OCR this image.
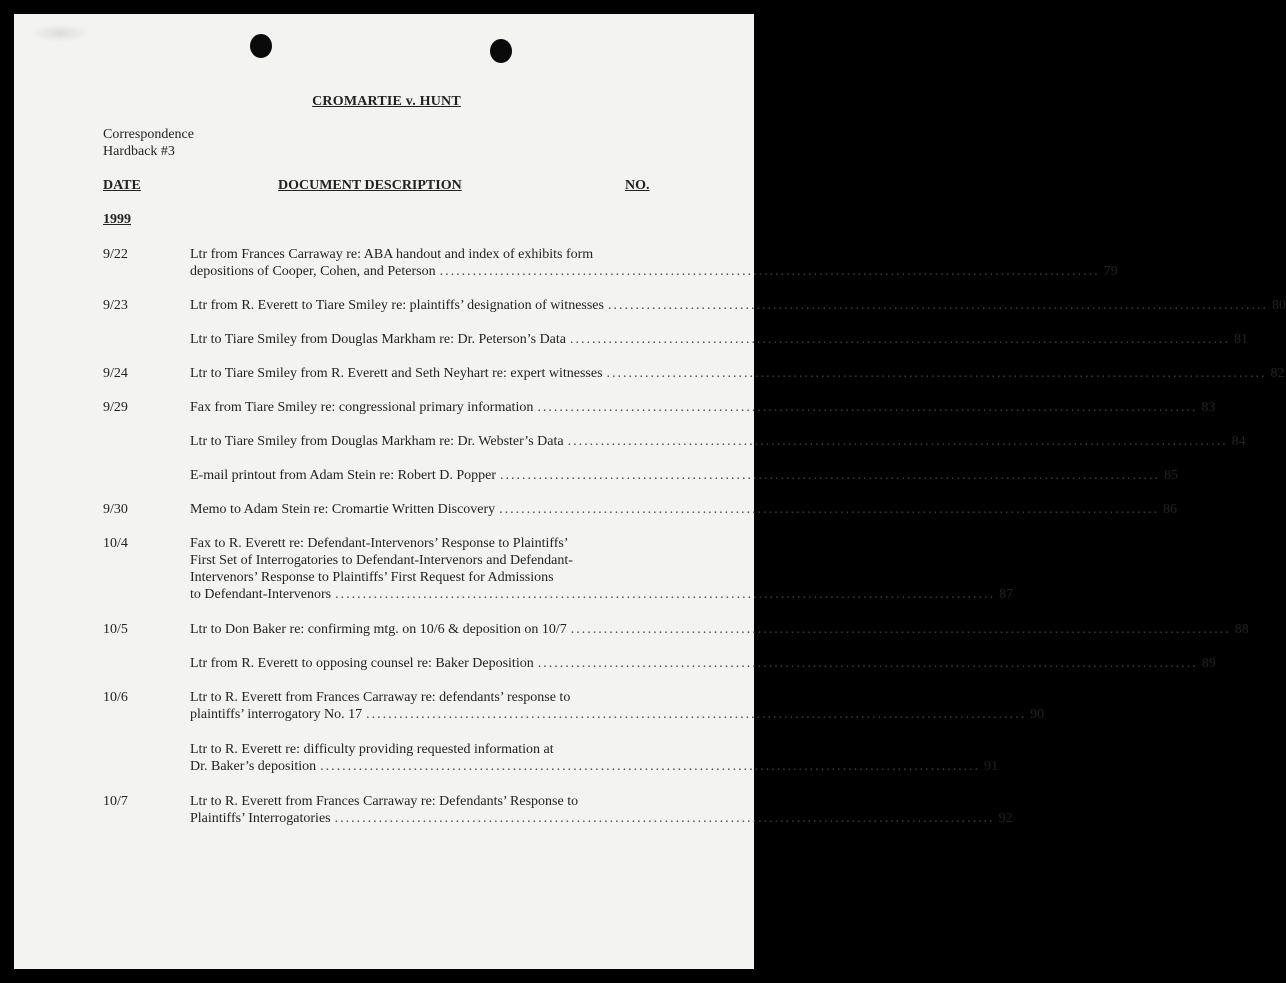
CROMARTIE v. HUNT
Correspondence
Hardback #3
DATE	DOCUMENT DESCRIPTION	NO.
1999
9/22	Ltr from Frances Carraway re: ABA handout and index of exhibits form
depositions of Cooper, Cohen, and Peterson ........................................................................................................................ 79
9/23	Ltr from R. Everett to Tiare Smiley re: plaintiffs’ designation of witnesses ........................................................................................................................ 80
Ltr to Tiare Smiley from Douglas Markham re: Dr. Peterson’s Data ........................................................................................................................ 81
9/24	Ltr to Tiare Smiley from R. Everett and Seth Neyhart re: expert witnesses ........................................................................................................................ 82
9/29	Fax from Tiare Smiley re: congressional primary information ........................................................................................................................ 83
Ltr to Tiare Smiley from Douglas Markham re: Dr. Webster’s Data ........................................................................................................................ 84
E-mail printout from Adam Stein re: Robert D. Popper ........................................................................................................................ 85
9/30	Memo to Adam Stein re: Cromartie Written Discovery ........................................................................................................................ 86
10/4	Fax to R. Everett re: Defendant-Intervenors’ Response to Plaintiffs’
First Set of Interrogatories to Defendant-Intervenors and Defendant-
Intervenors’ Response to Plaintiffs’ First Request for Admissions
to Defendant-Intervenors ........................................................................................................................ 87
10/5	Ltr to Don Baker re: confirming mtg. on 10/6 & deposition on 10/7 ........................................................................................................................ 88
Ltr from R. Everett to opposing counsel re: Baker Deposition ........................................................................................................................ 89
10/6	Ltr to R. Everett from Frances Carraway re: defendants’ response to
plaintiffs’ interrogatory No. 17 ........................................................................................................................ 90
Ltr to R. Everett re: difficulty providing requested information at
Dr. Baker’s deposition ........................................................................................................................ 91
10/7	Ltr to R. Everett from Frances Carraway re: Defendants’ Response to
Plaintiffs’ Interrogatories ........................................................................................................................ 92
